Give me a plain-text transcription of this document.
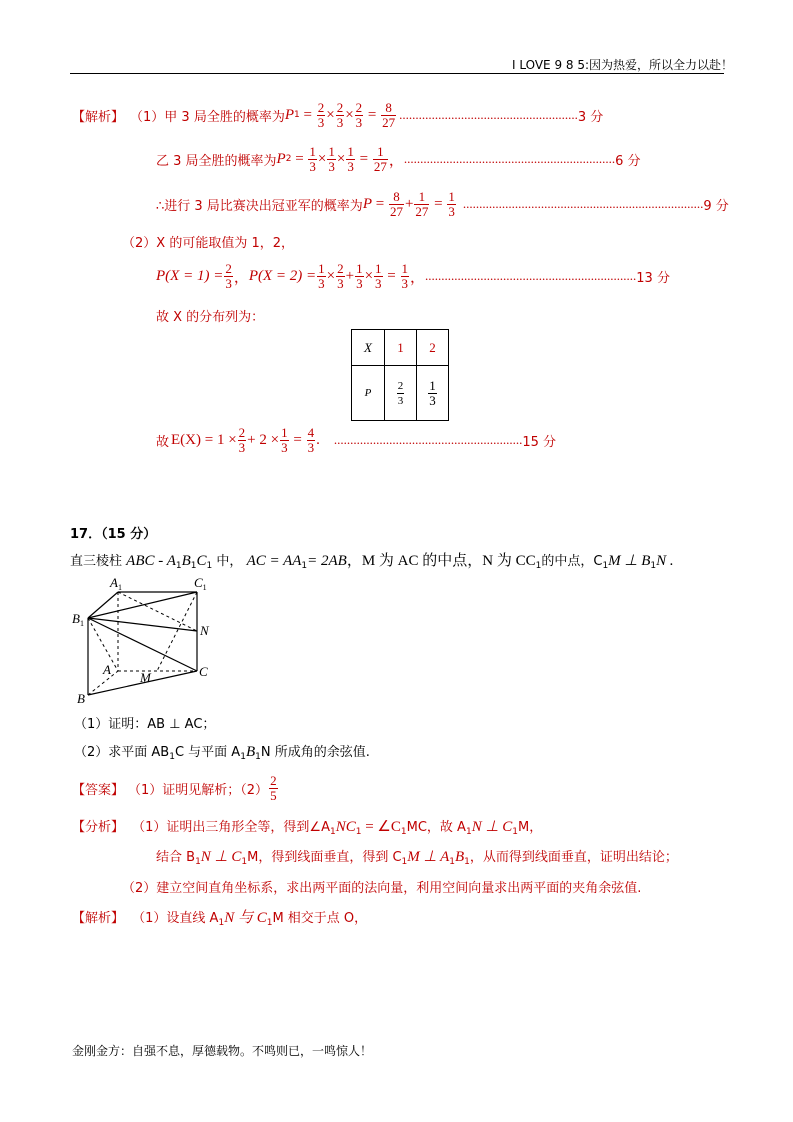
I LOVE 9 8 5:因为热爱，所以全力以赴！
【解析】 （1） 甲 3 局全胜的概率为 P $1 = \frac{2}{3} \times \frac{2}{3} \times \frac{2}{3} = \frac{8}{27}$ ....................................................... 3 分
乙 3 局全胜的概率为 P $2 = \frac{1}{3} \times \frac{1}{3} \times \frac{1}{3} = \frac{1}{27}$ ， ................................................................. 6 分
∴进行 3 局比赛决出冠亚军的概率为 $P = \frac{8}{27} + \frac{1}{27} = \frac{1}{3}$ .......................................................................... 9 分
（2）X 的可能取值为 1，2，
$P(X = 1) = \frac{2}{3}$ ， $P(X = 2) = \frac{1}{3} \times \frac{2}{3} + \frac{1}{3} \times \frac{1}{3} = \frac{1}{3}$ ， ................................................................. 13 分
故 X 的分布列为：
X	1	2
P	$\frac{2}{3}$	$\frac{1}{3}$
故 $E(X) = 1 \times \frac{2}{3} + 2 \times \frac{1}{3} = \frac{4}{3}$ . .......................................................... 15 分
17．（15 分）
直三棱柱 ABC - $A_1B_1C_1$ 中， AC = $AA_1= 2AB$，M 为 AC 的中点，N 为 $CC_1$的中点，$C_1M$ ⊥ $B_1N$ .
$A_1$	$C_1$
$B_1$	N
A
M	C
B
（1）证明：AB ⊥ AC；
（2）求平面 $AB_1C$ 与平面 $A_1B_1N$ 所成角的余弦值.
【答案】 （1）证明见解析；$(2) \frac{2}{5}$
【分析】 （1）证明出三角形全等，得到$\angle A_1NC_1$ = $\angle C_1MC$，故 $A_1N$ ⊥ $C_1M$，
结合 $B_1N$ ⊥ $C_1M$，得到线面垂直，得到 $C_1M$ ⊥ $A_1B_1$，从而得到线面垂直，证明出结论；
（2）建立空间直角坐标系，求出两平面的法向量，利用空间向量求出两平面的夹角余弦值.
【解析】 （1）设直线 $A_1N$ 与 $C_1M$ 相交于点 O，
金刚金方：自强不息，厚德载物。不鸣则已，一鸣惊人！
